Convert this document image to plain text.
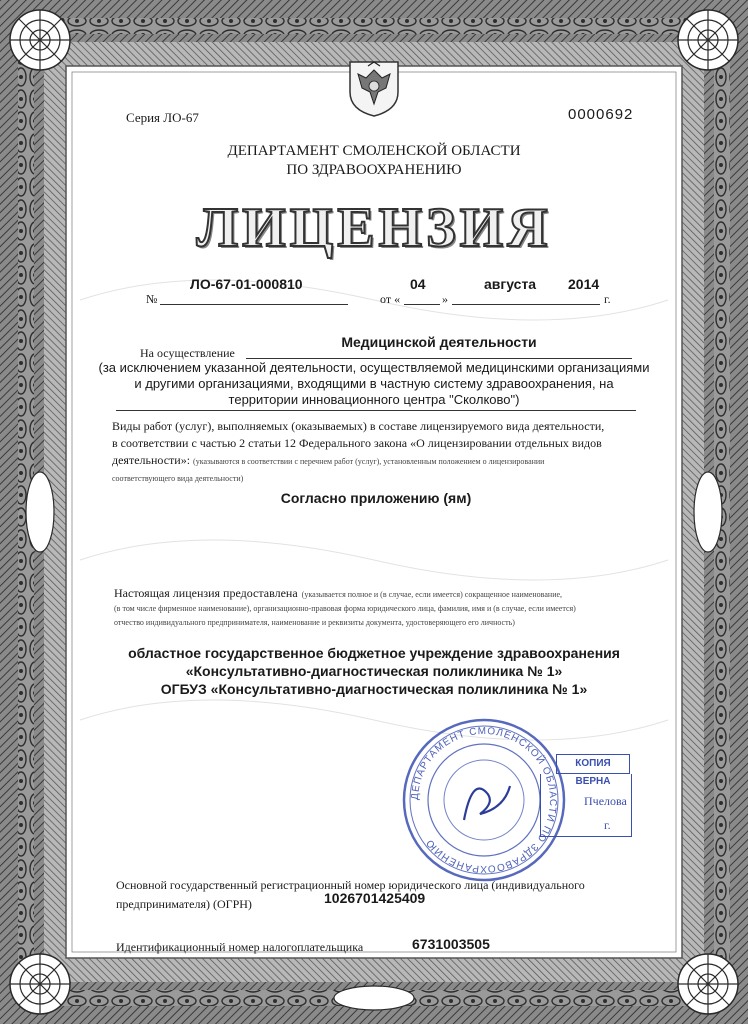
Серия ЛО-67	0000692
ДЕПАРТАМЕНТ СМОЛЕНСКОЙ ОБЛАСТИ
ПО ЗДРАВООХРАНЕНИЮ
ЛИЦЕНЗИЯ
№
ЛО-67-01-000810
от «
04
»
августа 2014
г.
На осуществление
Медицинской деятельности
(за исключением указанной деятельности, осуществляемой медицинскими организациями
и другими организациями, входящими в частную систему здравоохранения, на
территории инновационного центра "Сколково")
Виды работ (услуг), выполняемых (оказываемых) в составе лицензируемого вида деятельности,
в соответствии с частью 2 статьи 12 Федерального закона «О лицензировании отдельных видов
деятельности»: (указываются в соответствии с перечнем работ (услуг), установленным положением о лицензировании
соответствующего вида деятельности)
Согласно приложению (ям)
Настоящая лицензия предоставлена (указывается полное и (в случае, если имеется) сокращенное наименование,
(в том числе фирменное наименование), организационно-правовая форма юридического лица, фамилия, имя и (в случае, если имеется)
отчество индивидуального предпринимателя, наименование и реквизиты документа, удостоверяющего его личность)
областное государственное бюджетное учреждение здравоохранения
«Консультативно-диагностическая поликлиника № 1»
ОГБУЗ «Консультативно-диагностическая поликлиника № 1»
КОПИЯ ВЕРНА
Пчелова
г.
ДЕПАРТАМЕНТ СМОЛЕНСКОЙ ОБЛАСТИ ПО ЗДРАВООХРАНЕНИЮ
Основной государственный регистрационный номер юридического лица (индивидуального
предпринимателя) (ОГРН)	1026701425409
Идентификационный номер налогоплательщика	6731003505
